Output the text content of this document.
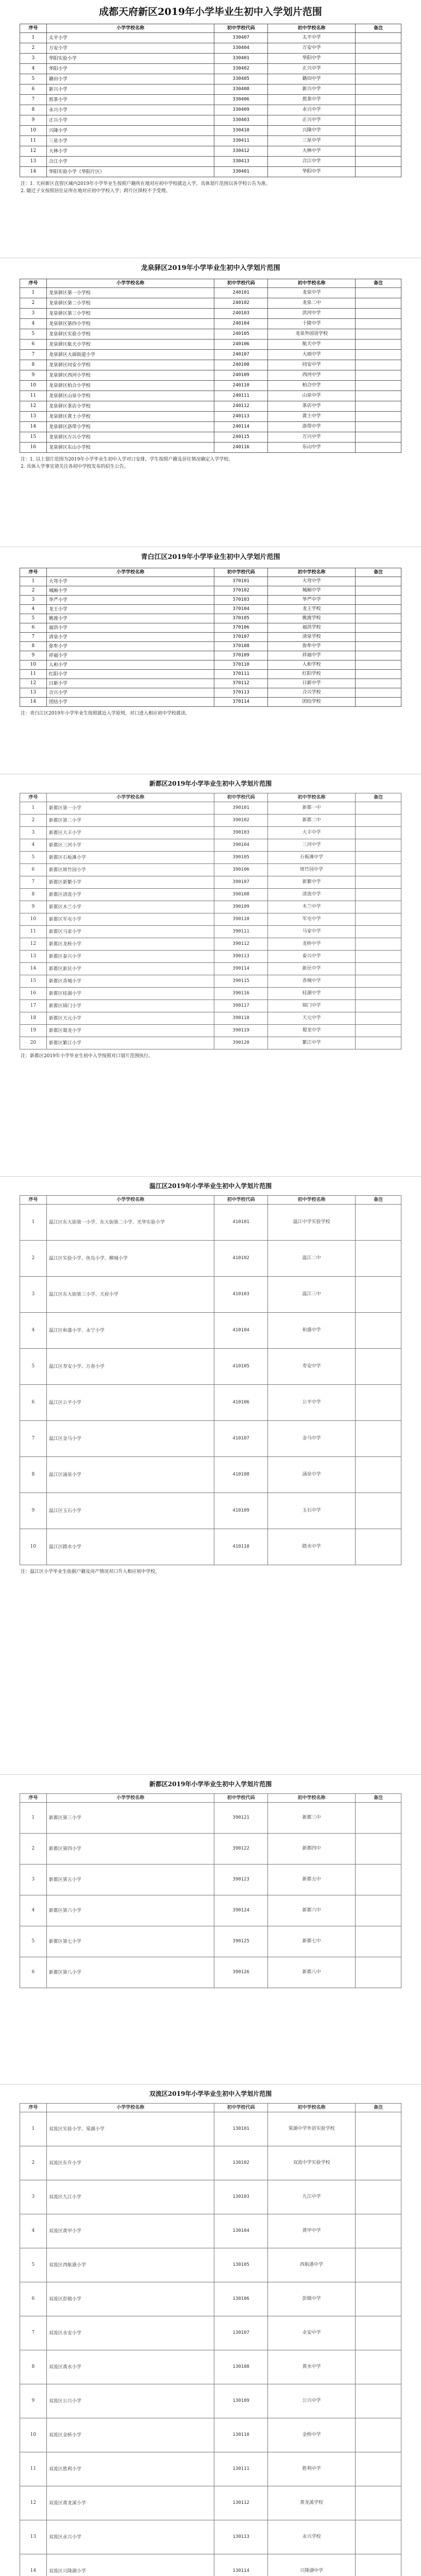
成都天府新区2019年小学毕业生初中入学划片范围
序号	小学学校名称	初中学校代码	初中学校名称	备注
1	太平小学	330407	太平中学	
2	万安小学	330404	万安中学	
3	华阳实验小学	330401	华阳中学	
4	华阳小学	330402	正兴中学	
5	籍田小学	330405	籍田中学	
6	新兴小学	330408	新兴中学	
7	煎茶小学	330406	煎茶中学	
8	永兴小学	330409	永兴中学	
9	正兴小学	330403	正兴中学	
10	兴隆小学	330410	兴隆中学	
11	三星小学	330411	三星中学	
12	大林小学	330412	大林中学	
13	合江小学	330413	合江中学	
14	华阳实验小学（华阳片区）	330401	华阳中学	

注：1. 天府新区直管区域内2019年小学毕业生按照户籍所在地对应初中学校就近入学，具体划片范围以各学校公告为准。

2. 随迁子女按照居住证所在地对应初中学校入学；跨片区择校不予受理。

龙泉驿区2019年小学毕业生初中入学划片范围
序号	小学学校名称	初中学校代码	初中学校名称	备注
1	龙泉驿区第一小学校	240101	龙泉中学	
2	龙泉驿区第二小学校	240102	龙泉二中	
3	龙泉驿区第三小学校	240103	洪河中学	
4	龙泉驿区第四小学校	240104	十陵中学	
5	龙泉驿区实验小学校	240105	龙泉外国语学校	
6	龙泉驿区航天小学校	240106	航天中学	
7	龙泉驿区大面街道小学	240107	大面中学	
8	龙泉驿区同安小学校	240108	同安中学	
9	龙泉驿区西河小学校	240109	西河中学	
10	龙泉驿区柏合小学校	240110	柏合中学	
11	龙泉驿区山泉小学校	240111	山泉中学	
12	龙泉驿区茶店小学校	240112	茶店中学	
13	龙泉驿区黄土小学校	240113	黄土中学	
14	龙泉驿区洛带小学校	240114	洛带中学	
15	龙泉驿区万兴小学校	240115	万兴中学	
16	龙泉驿区东山小学校	240116	东山中学	

注：1. 以上划片范围为2019年小学毕业生初中入学对口安排，学生按照户籍及居住情况确定入学学校。

2. 具体入学事宜请关注各初中学校发布的招生公告。

青白江区2019年小学毕业生初中入学划片范围
序号	小学学校名称	初中学校代码	初中学校名称	备注
1	大弯小学	370101	大弯中学	
2	城厢小学	370102	城厢中学	
3	华严小学	370103	华严中学	
4	龙王小学	370104	龙王学校	
5	姚渡小学	370105	姚渡学校	
6	福洪小学	370106	福洪学校	
7	清泉小学	370107	清泉学校	
8	弥牟小学	370108	弥牟中学	
9	祥福小学	370109	祥福中学	
10	人和小学	370110	人和学校	
11	红阳小学	370111	红阳学校	
12	日新小学	370112	日新中学	
13	合兴小学	370113	合兴学校	
14	团结小学	370114	团结学校	

注：青白江区2019年小学毕业生按照就近入学原则，对口进入相应初中学校就读。

新都区2019年小学毕业生初中入学划片范围
序号	小学学校名称	初中学校代码	初中学校名称	备注
1	新都区第一小学	390101	新都一中	
2	新都区第二小学	390102	新都二中	
3	新都区大丰小学	390103	大丰中学	
4	新都区三河小学	390104	三河中学	
5	新都区石板滩小学	390105	石板滩中学	
6	新都区斑竹园小学	390106	斑竹园中学	
7	新都区新繁小学	390107	新繁中学	
8	新都区清流小学	390108	清流中学	
9	新都区木兰小学	390109	木兰中学	
10	新都区军屯小学	390110	军屯中学	
11	新都区马家小学	390111	马家中学	
12	新都区龙桥小学	390112	龙桥中学	
13	新都区泰兴小学	390113	泰兴中学	
14	新都区新民小学	390114	新民中学	
15	新都区香城小学	390115	香城中学	
16	新都区桂湖小学	390116	桂湖中学	
17	新都区锦门小学	390117	锦门中学	
18	新都区天元小学	390118	天元中学	
19	新都区蜀龙小学	390119	蜀龙中学	
20	新都区繁江小学	390120	繁江中学	

注：新都区2019年小学毕业生初中入学按照对口划片范围执行。

温江区2019年小学毕业生初中入学划片范围
序号	小学学校名称	初中学校代码	初中学校名称	备注
1	温江区东大街第一小学、东大街第二小学、光华实验小学	410101	温江中学实验学校	
2	温江区实验小学、鱼凫小学、柳城小学	410102	温江二中	
3	温江区东大街第三小学、天府小学	410103	温江三中	
4	温江区和盛小学、永宁小学	410104	和盛中学	
5	温江区寿安小学、万春小学	410105	寿安中学	
6	温江区公平小学	410106	公平中学	
7	温江区金马小学	410107	金马中学	
8	温江区涌泉小学	410108	涌泉中学	
9	温江区玉石小学	410109	玉石中学	
10	温江区踏水小学	410110	踏水中学	

注：温江区小学毕业生依据户籍及房产情况对口升入相应初中学校。

新都区2019年小学毕业生初中入学划片范围
序号	小学学校名称	初中学校代码	初中学校名称	备注
1	新都区第三小学	390121	新都三中	
2	新都区第四小学	390122	新都四中	
3	新都区第五小学	390123	新都五中	
4	新都区第六小学	390124	新都六中	
5	新都区第七小学	390125	新都七中	
6	新都区第八小学	390126	新都八中	
双流区2019年小学毕业生初中入学划片范围
序号	小学学校名称	初中学校代码	初中学校名称	备注
1	双流区实验小学、棠湖小学	130101	棠湖中学外语实验学校	
2	双流区东升小学	130102	双流中学实验学校	
3	双流区九江小学	130103	九江中学	
4	双流区黄甲小学	130104	黄甲中学	
5	双流区西航港小学	130105	西航港中学	
6	双流区彭镇小学	130106	彭镇中学	
7	双流区永安小学	130107	永安中学	
8	双流区黄水小学	130108	黄水中学	
9	双流区公兴小学	130109	公兴中学	
10	双流区金桥小学	130110	金桥中学	
11	双流区胜利小学	130111	胜利中学	
12	双流区黄龙溪小学	130112	黄龙溪学校	
13	双流区永兴小学	130113	永兴学校	
14	双流区兴隆湖小学	130114	兴隆湖中学	
